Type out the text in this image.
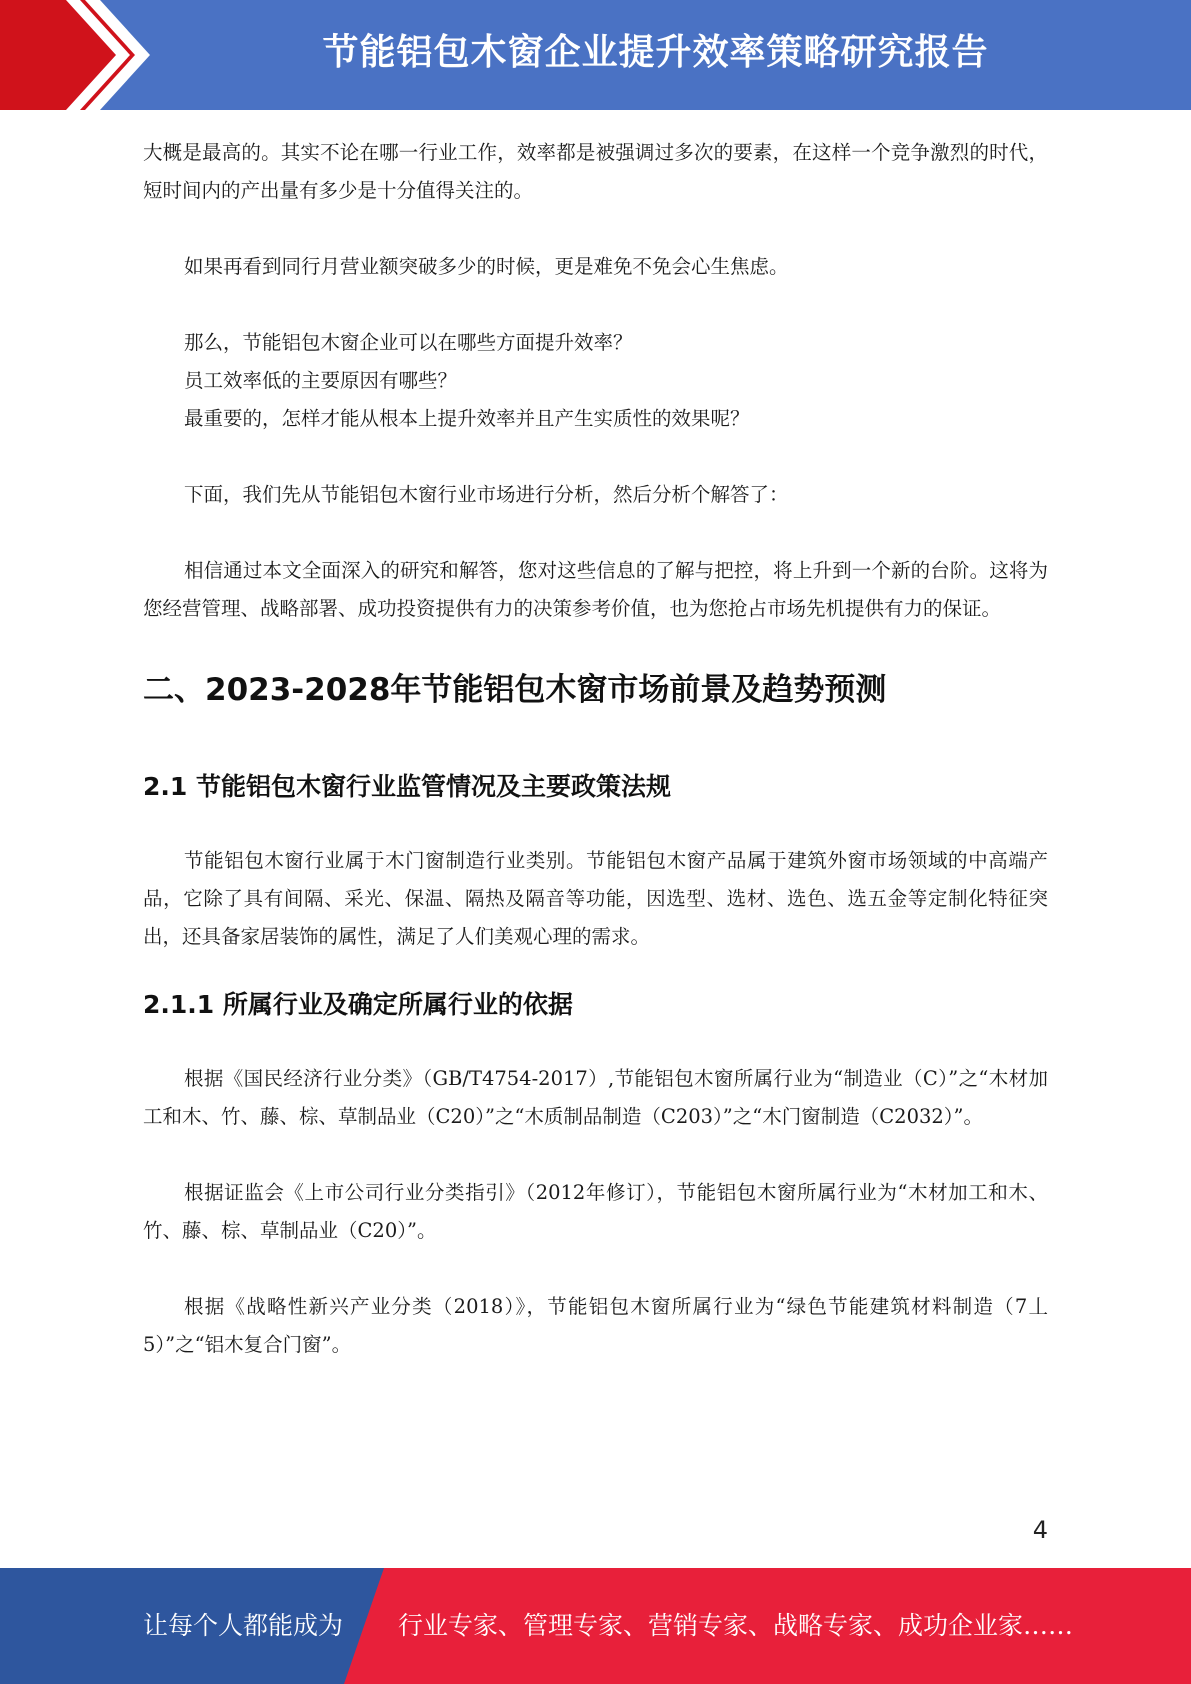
节能铝包木窗企业提升效率策略研究报告

大概是最高的。其实不论在哪一行业工作，效率都是被强调过多次的要素，在这样一个竞争激烈的时代，短时间内的产出量有多少是十分值得关注的。

如果再看到同行月营业额突破多少的时候，更是难免不免会心生焦虑。

那么，节能铝包木窗企业可以在哪些方面提升效率？

员工效率低的主要原因有哪些？

最重要的，怎样才能从根本上提升效率并且产生实质性的效果呢？

下面，我们先从节能铝包木窗行业市场进行分析，然后分析个解答了：

相信通过本文全面深入的研究和解答，您对这些信息的了解与把控，将上升到一个新的台阶。这将为您经营管理、战略部署、成功投资提供有力的决策参考价值，也为您抢占市场先机提供有力的保证。

二、2023-2028年节能铝包木窗市场前景及趋势预测
2.1 节能铝包木窗行业监管情况及主要政策法规

节能铝包木窗行业属于木门窗制造行业类别。节能铝包木窗产品属于建筑外窗市场领域的中高端产品，它除了具有间隔、采光、保温、隔热及隔音等功能，因选型、选材、选色、选五金等定制化特征突出，还具备家居装饰的属性，满足了人们美观心理的需求。

2.1.1 所属行业及确定所属行业的依据

根据《国民经济行业分类》（GB/T4754-2017）,节能铝包木窗所属行业为“制造业（C）”之“木材加工和木、竹、藤、棕、草制品业（C20）”之“木质制品制造（C203）”之“木门窗制造（C2032）”。

根据证监会《上市公司行业分类指引》（2012年修订），节能铝包木窗所属行业为“木材加工和木、竹、藤、棕、草制品业（C20）”。

根据《战略性新兴产业分类（2018）》，节能铝包木窗所属行业为“绿色节能建筑材料制造（7丄5）”之“铝木复合门窗”。

4
让每个人都能成为 行业专家、管理专家、营销专家、战略专家、成功企业家……
